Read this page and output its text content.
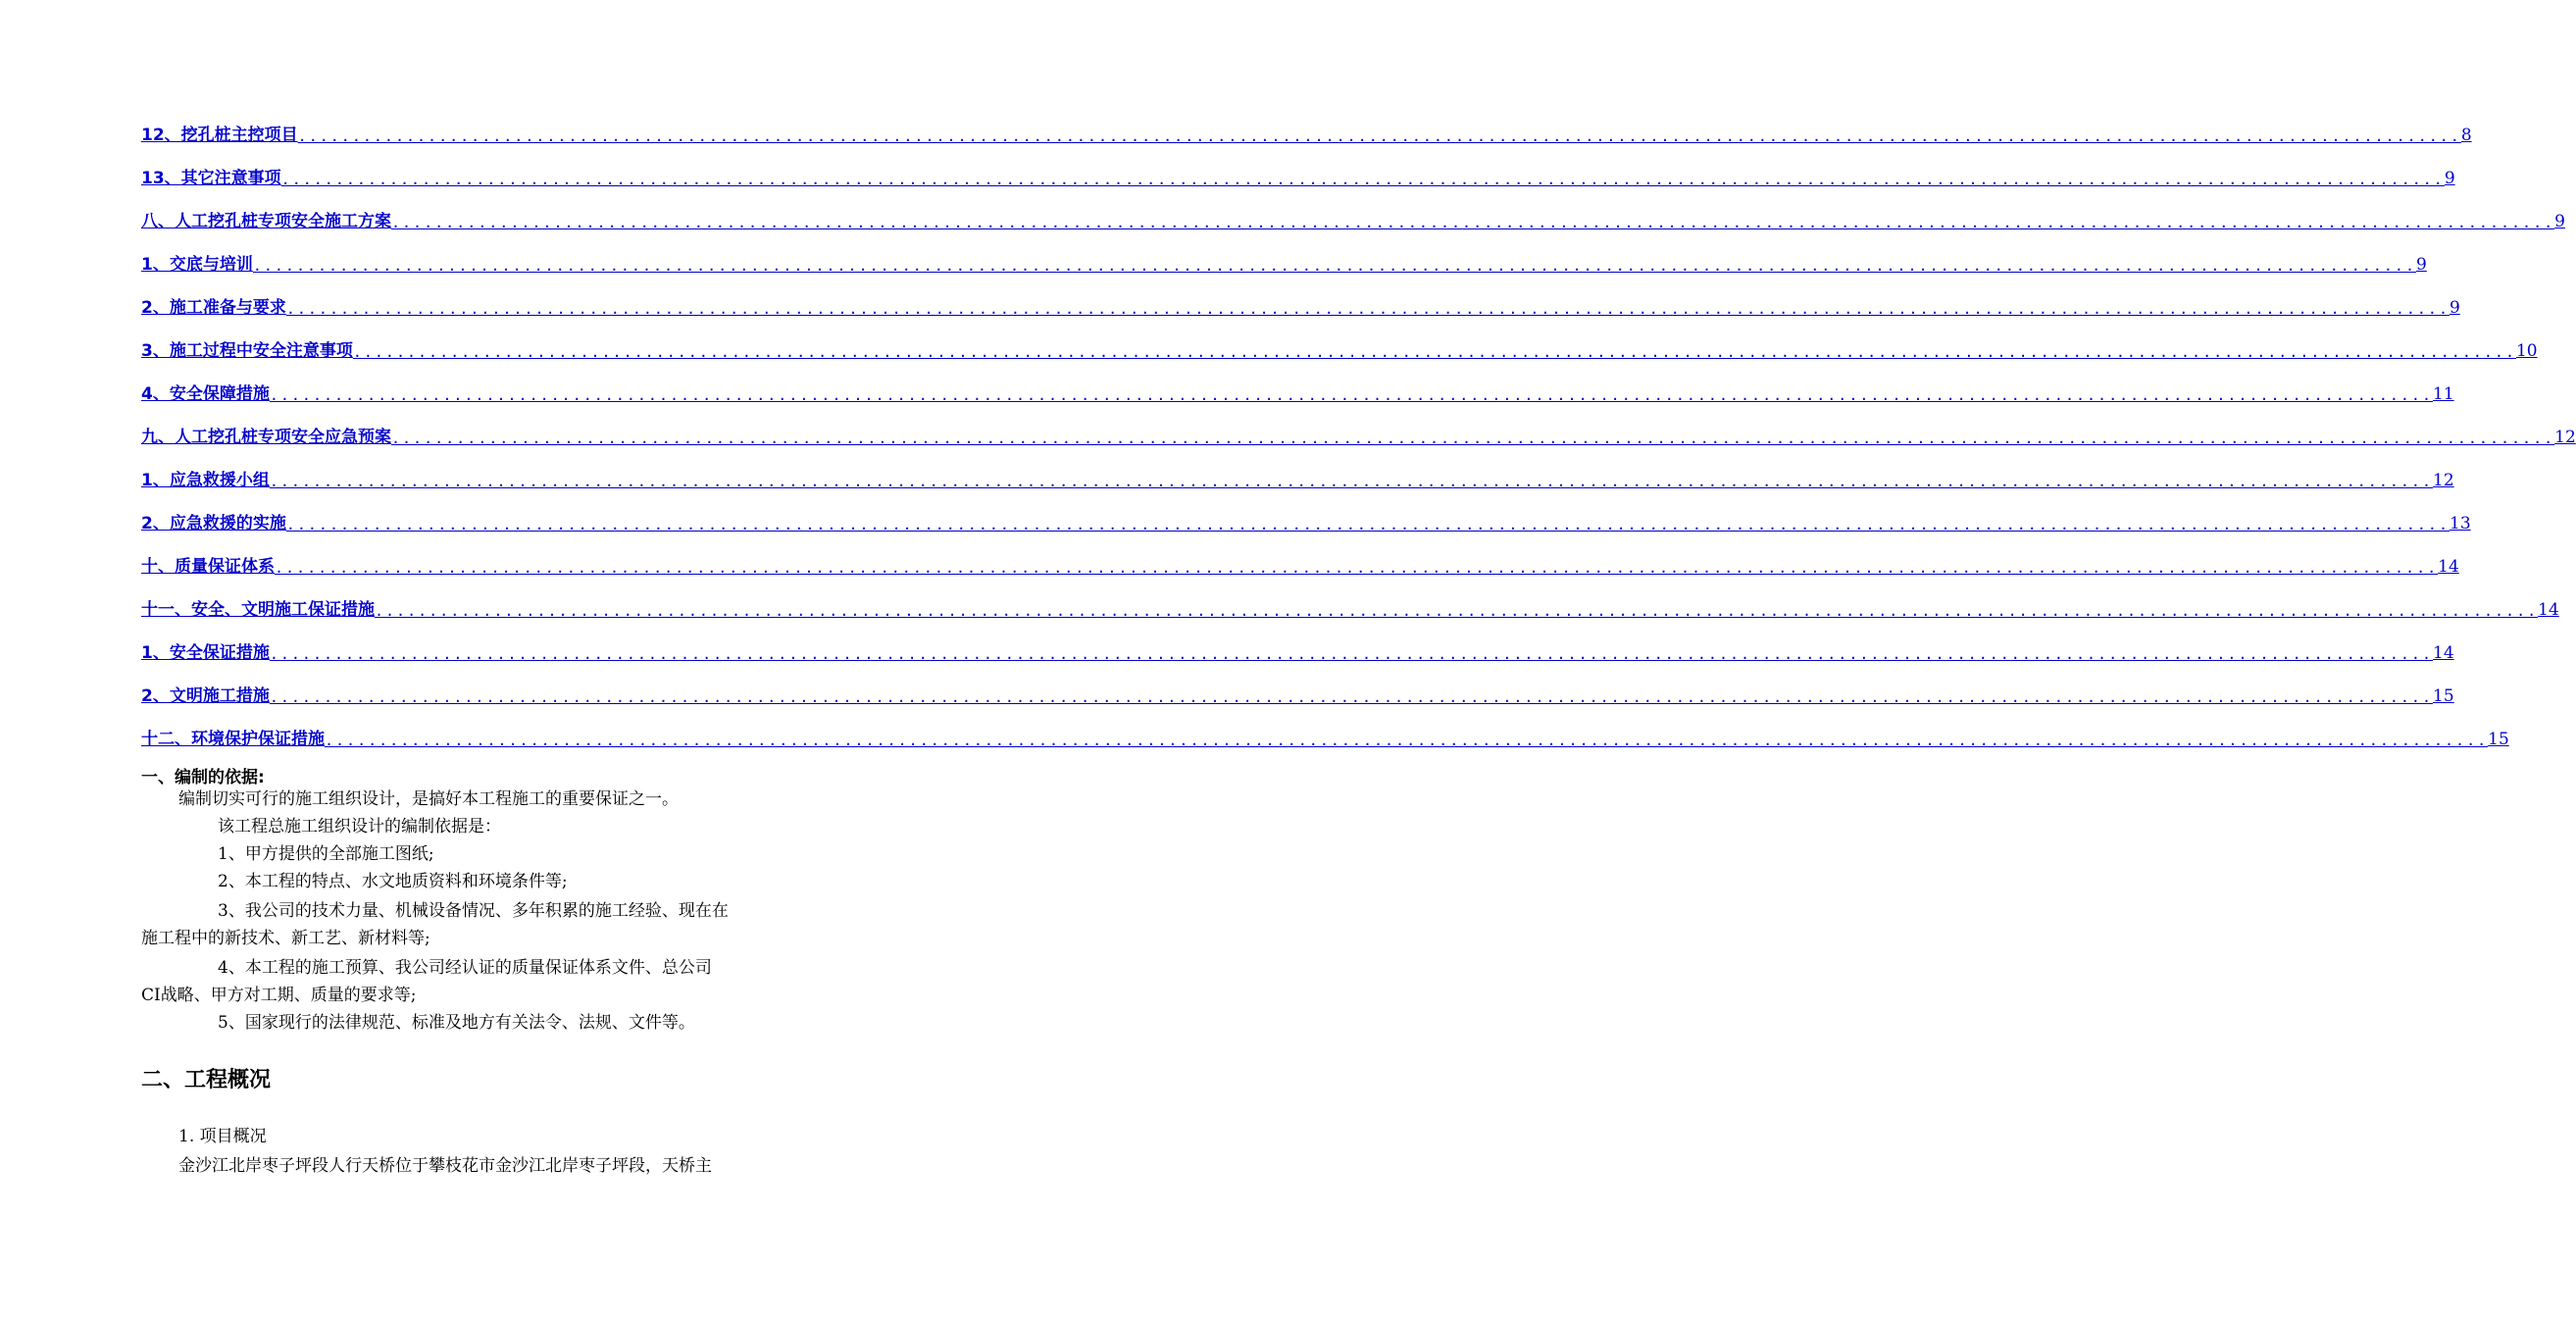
12、挖孔桩主控项目 ........................................................................................................................................................................................................ 8
13、其它注意事项 ........................................................................................................................................................................................................ 9
八、人工挖孔桩专项安全施工方案 ........................................................................................................................................................................................................ 9
1、交底与培训 ........................................................................................................................................................................................................ 9
2、施工准备与要求 ........................................................................................................................................................................................................ 9
3、施工过程中安全注意事项 ........................................................................................................................................................................................................ 10
4、安全保障措施 ........................................................................................................................................................................................................ 11
九、人工挖孔桩专项安全应急预案 ........................................................................................................................................................................................................ 12
1、应急救援小组 ........................................................................................................................................................................................................ 12
2、应急救援的实施 ........................................................................................................................................................................................................ 13
十、质量保证体系 ........................................................................................................................................................................................................ 14
十一、安全、文明施工保证措施 ........................................................................................................................................................................................................ 14
1、安全保证措施 ........................................................................................................................................................................................................ 14
2、文明施工措施 ........................................................................................................................................................................................................ 15
十二、环境保护保证措施 ........................................................................................................................................................................................................ 15
一、编制的依据:
编制切实可行的施工组织设计，是搞好本工程施工的重要保证之一。
该工程总施工组织设计的编制依据是：
1、甲方提供的全部施工图纸;
2、本工程的特点、水文地质资料和环境条件等;
3、我公司的技术力量、机械设备情况、多年积累的施工经验、现在在
施工程中的新技术、新工艺、新材料等;
4、本工程的施工预算、我公司经认证的质量保证体系文件、总公司
CI战略、甲方对工期、质量的要求等;
5、国家现行的法律规范、标准及地方有关法令、法规、文件等。
二、工程概况
1. 项目概况
金沙江北岸枣子坪段人行天桥位于攀枝花市金沙江北岸枣子坪段，天桥主
